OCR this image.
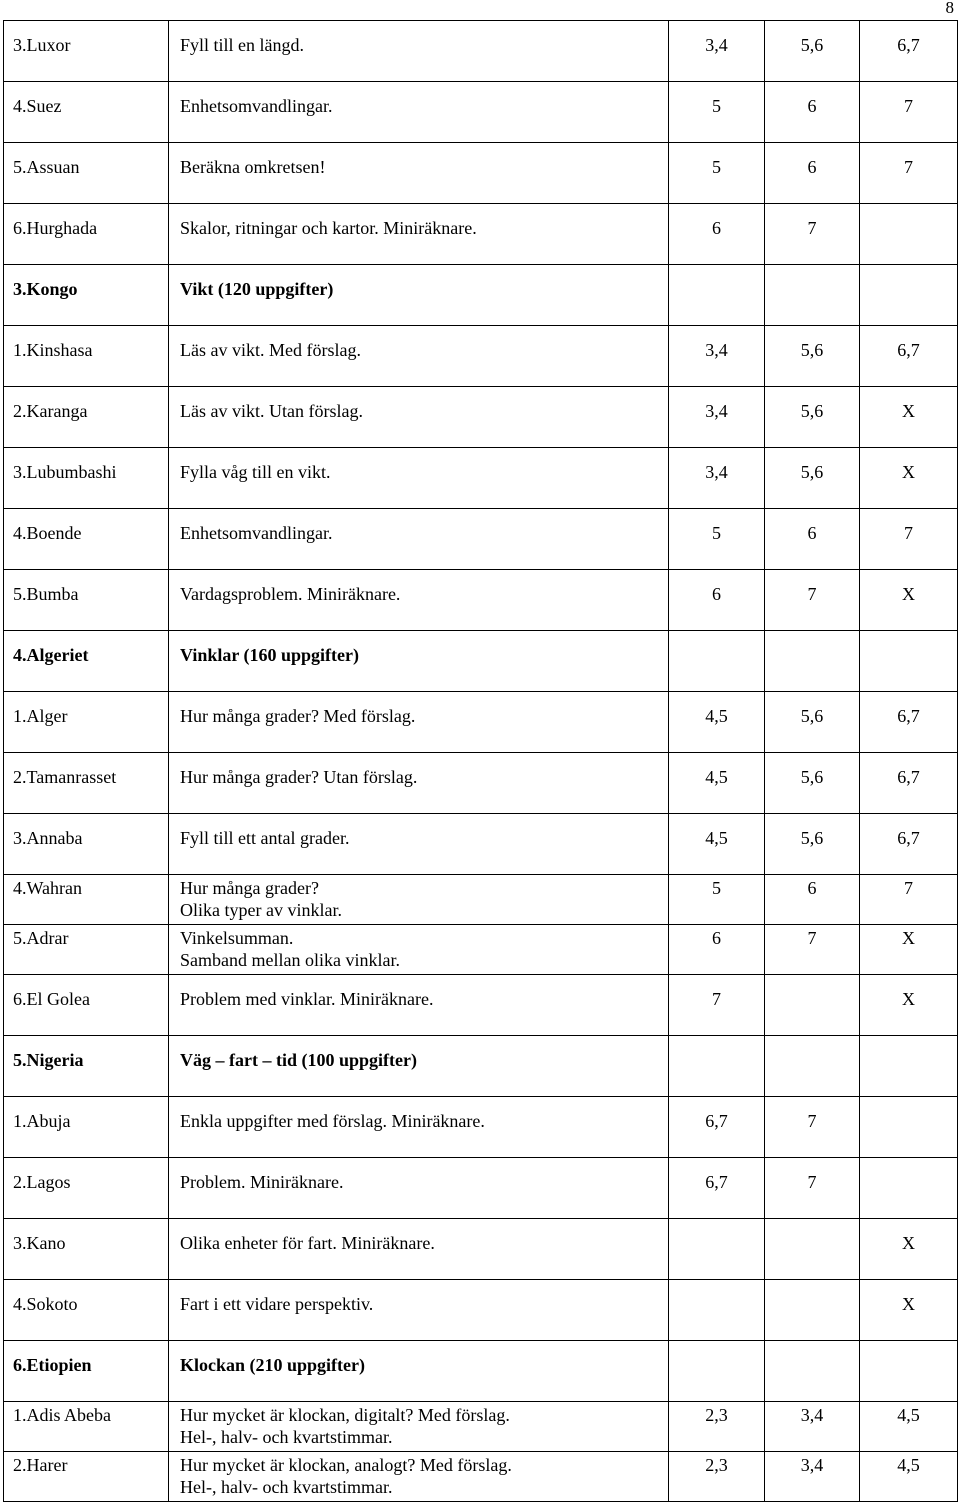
8
3.Luxor	Fyll till en längd.	3,4	5,6	6,7

4.Suez	Enhetsomvandlingar.	5	6	7

5.Assuan	Beräkna omkretsen!	5	6	7

6.Hurghada	Skalor, ritningar och kartor. Miniräknare.	6	7	

3.Kongo	Vikt (120 uppgifter)			

1.Kinshasa	Läs av vikt. Med förslag.	3,4	5,6	6,7

2.Karanga	Läs av vikt. Utan förslag.	3,4	5,6	X

3.Lubumbashi	Fylla våg till en vikt.	3,4	5,6	X

4.Boende	Enhetsomvandlingar.	5	6	7

5.Bumba	Vardagsproblem. Miniräknare.	6	7	X

4.Algeriet	Vinklar (160 uppgifter)			

1.Alger	Hur många grader? Med förslag.	4,5	5,6	6,7

2.Tamanrasset	Hur många grader? Utan förslag.	4,5	5,6	6,7

3.Annaba	Fyll till ett antal grader.	4,5	5,6	6,7

4.Wahran	Hur många grader?
Olika typer av vinklar.	5	6	7

5.Adrar	Vinkelsumman.
Samband mellan olika vinklar.	6	7	X

6.El Golea	Problem med vinklar. Miniräknare.	7		X

5.Nigeria	Väg – fart – tid (100 uppgifter)			

1.Abuja	Enkla uppgifter med förslag. Miniräknare.	6,7	7	

2.Lagos	Problem. Miniräknare.	6,7	7	

3.Kano	Olika enheter för fart. Miniräknare.			X

4.Sokoto	Fart i ett vidare perspektiv.			X

6.Etiopien	Klockan (210 uppgifter)			

1.Adis Abeba	Hur mycket är klockan, digitalt? Med förslag.
Hel-, halv- och kvartstimmar.	2,3	3,4	4,5

2.Harer	Hur mycket är klockan, analogt? Med förslag.
Hel-, halv- och kvartstimmar.	2,3	3,4	4,5
